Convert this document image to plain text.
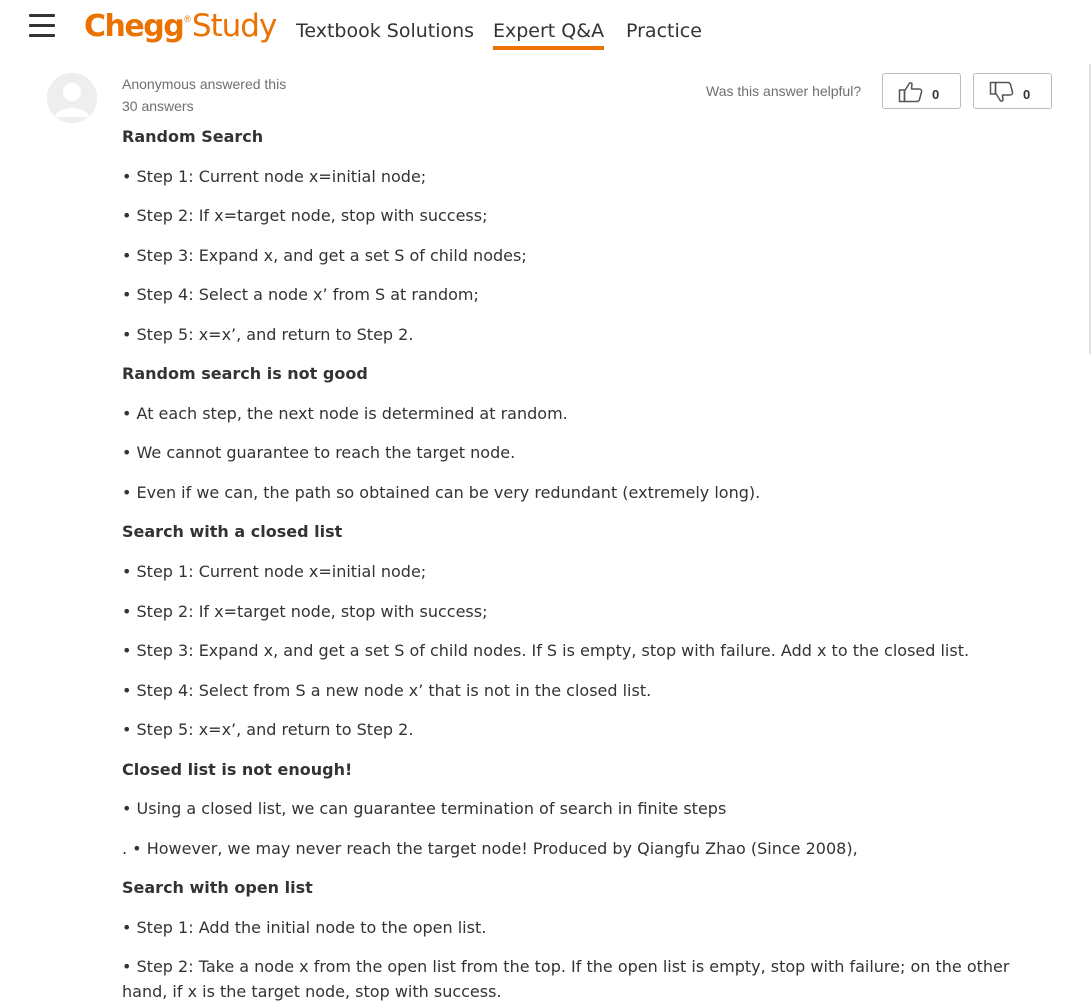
Chegg ® Study Textbook Solutions Expert Q&A Practice
Anonymous answered this
30 answers
Was this answer helpful?	0	0
Random Search
• Step 1: Current node x=initial node;
• Step 2: If x=target node, stop with success;
• Step 3: Expand x, and get a set S of child nodes;
• Step 4: Select a node x’ from S at random;
• Step 5: x=x’, and return to Step 2.
Random search is not good
• At each step, the next node is determined at random.
• We cannot guarantee to reach the target node.
• Even if we can, the path so obtained can be very redundant (extremely long).
Search with a closed list
• Step 1: Current node x=initial node;
• Step 2: If x=target node, stop with success;
• Step 3: Expand x, and get a set S of child nodes. If S is empty, stop with failure. Add x to the closed list.
• Step 4: Select from S a new node x’ that is not in the closed list.
• Step 5: x=x’, and return to Step 2.
Closed list is not enough!
• Using a closed list, we can guarantee termination of search in finite steps
. • However, we may never reach the target node! Produced by Qiangfu Zhao (Since 2008),
Search with open list
• Step 1: Add the initial node to the open list.
• Step 2: Take a node x from the open list from the top. If the open list is empty, stop with failure; on the other hand, if x is the target node, stop with success.
